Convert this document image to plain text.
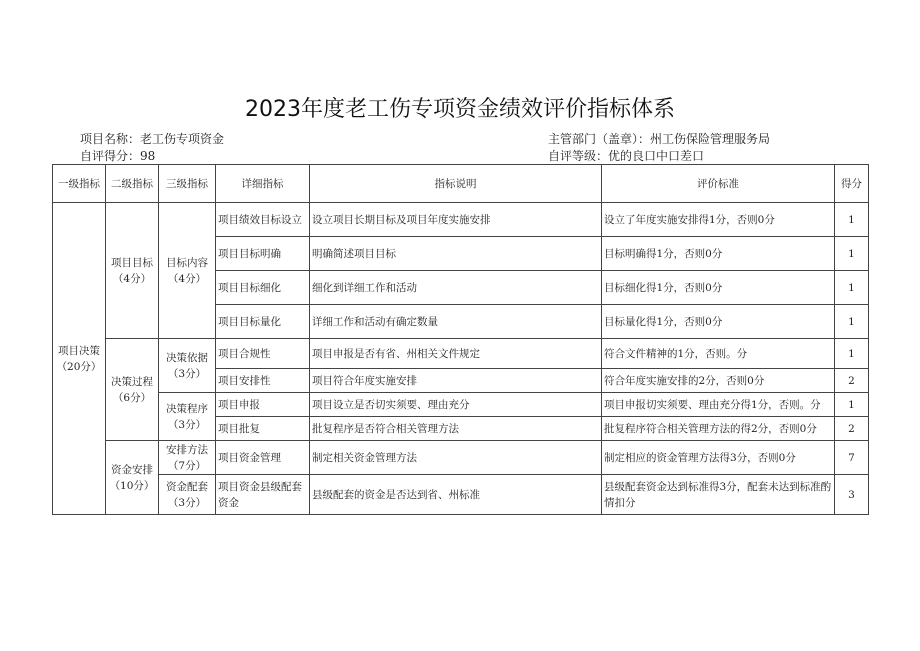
2023年度老工伤专项资金绩效评价指标体系
项目名称：老工伤专项资金	主管部门（盖章）：州工伤保险管理服务局
自评得分：98	自评等级：优的良口中口差口
一级指标	二级指标	三级指标	详细指标	指标说明	评价标准	得分
项目决策（20分）	项目目标（4分）	目标内容（4分）	项目绩效目标设立	设立项目长期目标及项目年度实施安排	设立了年度实施安排得1分，否则0分	1
			项目目标明确	明确简述项目目标	目标明确得1分，否则0分	1
			项目目标细化	细化到详细工作和活动	目标细化得1分，否则0分	1
			项目目标量化	详细工作和活动有确定数量	目标量化得1分，否则0分	1
	决策过程（6分）	决策依据（3分）	项目合规性	项目申报是否有省、州相关文件规定	符合文件精神的1分，否则。分	1
			项目安排性	项目符合年度实施安排	符合年度实施安排的2分，否则0分	2
		决策程序（3分）	项目申报	项目设立是否切实须要、理由充分	项目申报切实须要、理由充分得1分，否则。分	1
			项目批复	批复程序是否符合相关管理方法	批复程序符合相关管理方法的得2分，否则0分	2
	资金安排（10分）	安排方法（7分）	项目资金管理	制定相关资金管理方法	制定相应的资金管理方法得3分，否则0分	7
		资金配套（3分）	项目资金县级配套资金	县级配套的资金是否达到省、州标准	县级配套资金达到标准得3分，配套未达到标准酌情扣分	3
